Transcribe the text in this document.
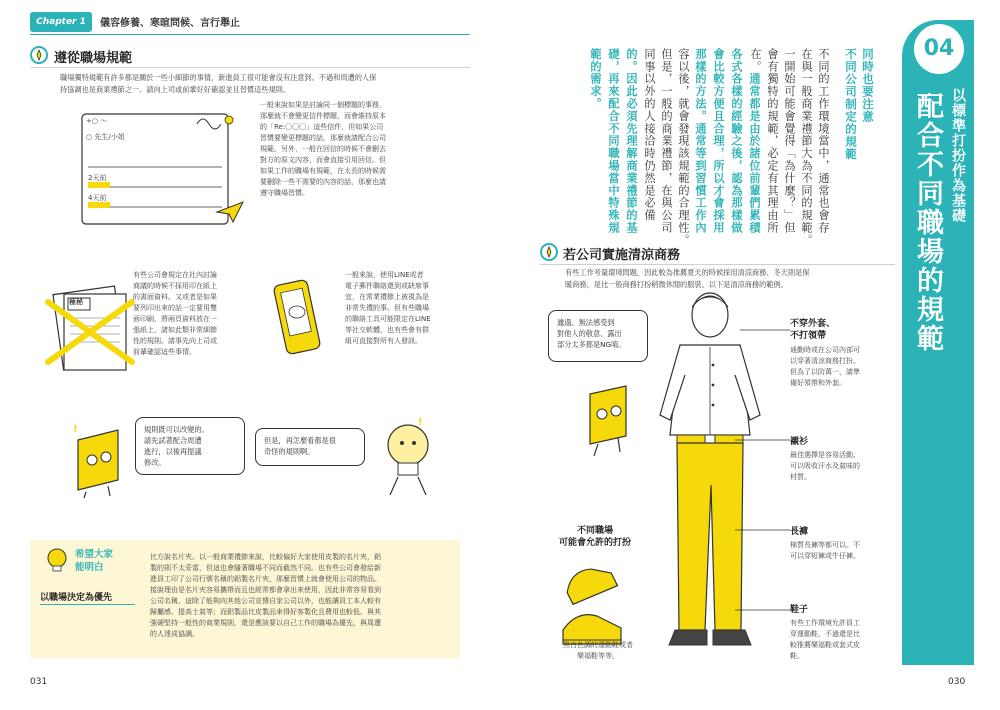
Chapter 1	儀容修養、寒暄問候、言行舉止
遵從職場規範
職場獨特規範有許多都是關於一些小細節的事情，新進員工很可能會沒有注意到。不過和周遭的人保
持協調也是商業禮節之一。請向上司或前輩好好確認並且習慣這些規則。
+○ ～
○ 先生/小姐
2天前
4天前
一般來說如果是討論同一個標題的事務，
那麼就不會變更信件標題，而會維持原本
的「Re:〇〇〇」這些信件，但如果公司
習慣要變更標題的話，那麼就請配合公司
規範。另外，一般在回信的時候不會刪去
對方的原文內容，而會直接引用回信。但
如果工作的職場有規範，在太長的時候需
要刪除一些不需要的內容的話，那麼也請
遵守職場習慣。
極秘
有些公司會規定在社內討論
商議的時候不採用印在紙上
的書面資料。又或者是如果
要列印出來的話一定要用雙
面印刷，將兩頁資料放在一
張紙上，諸如此類非常細節
性的規則。請事先向上司或
前輩確認這些事情。
一般來說，使用LINE或者
電子郵件聯絡還到或缺席事
宜，在常業禮節上被視為是
非常失禮的事。但有些職場
的聯絡工具可能限定在LINE
等社交軟體，也有些會有群
組可直接對所有人發訊。
!	規則既可以改變的。
請先試著配合周遭
進行，以後再提議
修改。
但是，再怎麼看都是很
奇怪的規則啊。
!
希望大家
能明白
以職場決定為優先
比方說名片夾。以一般商業禮節來說，比較偏好大家使用皮製的名片夾，鋁
製的則不太妥當，但這也會隨著職場不同而截然不同。也有些公司會發給新
進員工印了公司行號名稱的鋁製名片夾，那麼習慣上就會使用公司的物品。
接說理由是名片夾容易攜帶而且也經常都會拿出來使用，因此非常容易看到
公司名稱，這除了能夠向其他公司宣傳自家公司以外，也能讓員工本人較有
歸屬感、提高士氣等；而鋁製品比皮製品來得好客製化且費用也較低。與其
強硬堅持一般性的商業規則，還是應該要以自己工作的職場為優先，與周遭
的人達成協調。
031
04
以標準打扮作為基礎
配合不同職場的規範
同時也要注意
不同公司制定的規範
不同的工作環境當中，通常也會存
在與一般商業禮節大為不同的規範。
一開始可能會覺得「為什麼？」但
會有獨特的規範，必定有其理由所
在。通常都是由於諸位前輩們累積
各式各樣的經驗之後，認為那樣做
會比較方便且合理，所以才會採用
那樣的方法。通常等到習慣工作內
容以後，就會發現該規範的合理性。
但是，一般的商業禮節，在與公司
同事以外的人接洽時仍然是必備
的。因此必須先理解商業禮節的基
礎，再來配合不同職場當中特殊規
範的需求。
若公司實施清涼商務
有些工作考量環境問題，因此較為推薦夏天的時候採用清涼商務、冬天則是保
暖商務，是比一般商務打扮稍微休閒的服裝。以下是清涼商務的範例。
邋遢、無法感受到
對他人的敬意、露出
部分太多都是NG唷。
不穿外套、
不打領帶
通勤時或在公司內部可
以穿著清涼商務打扮。
但為了以防萬一，請準
備好領帶和外套。
襯衫
最佳選擇是容易活動、
可以吸收汗水及氣味的
材質。
長褲
棉質長褲等都可以。不
可以穿短褲或牛仔褲。
鞋子
有些工作環境允許員工
穿運動鞋，不過還是比
較推薦樂福鞋或套式皮
鞋。
不同職場
可能會允許的打扮
黑白色調的運動鞋或者
樂福鞋等等。
030
